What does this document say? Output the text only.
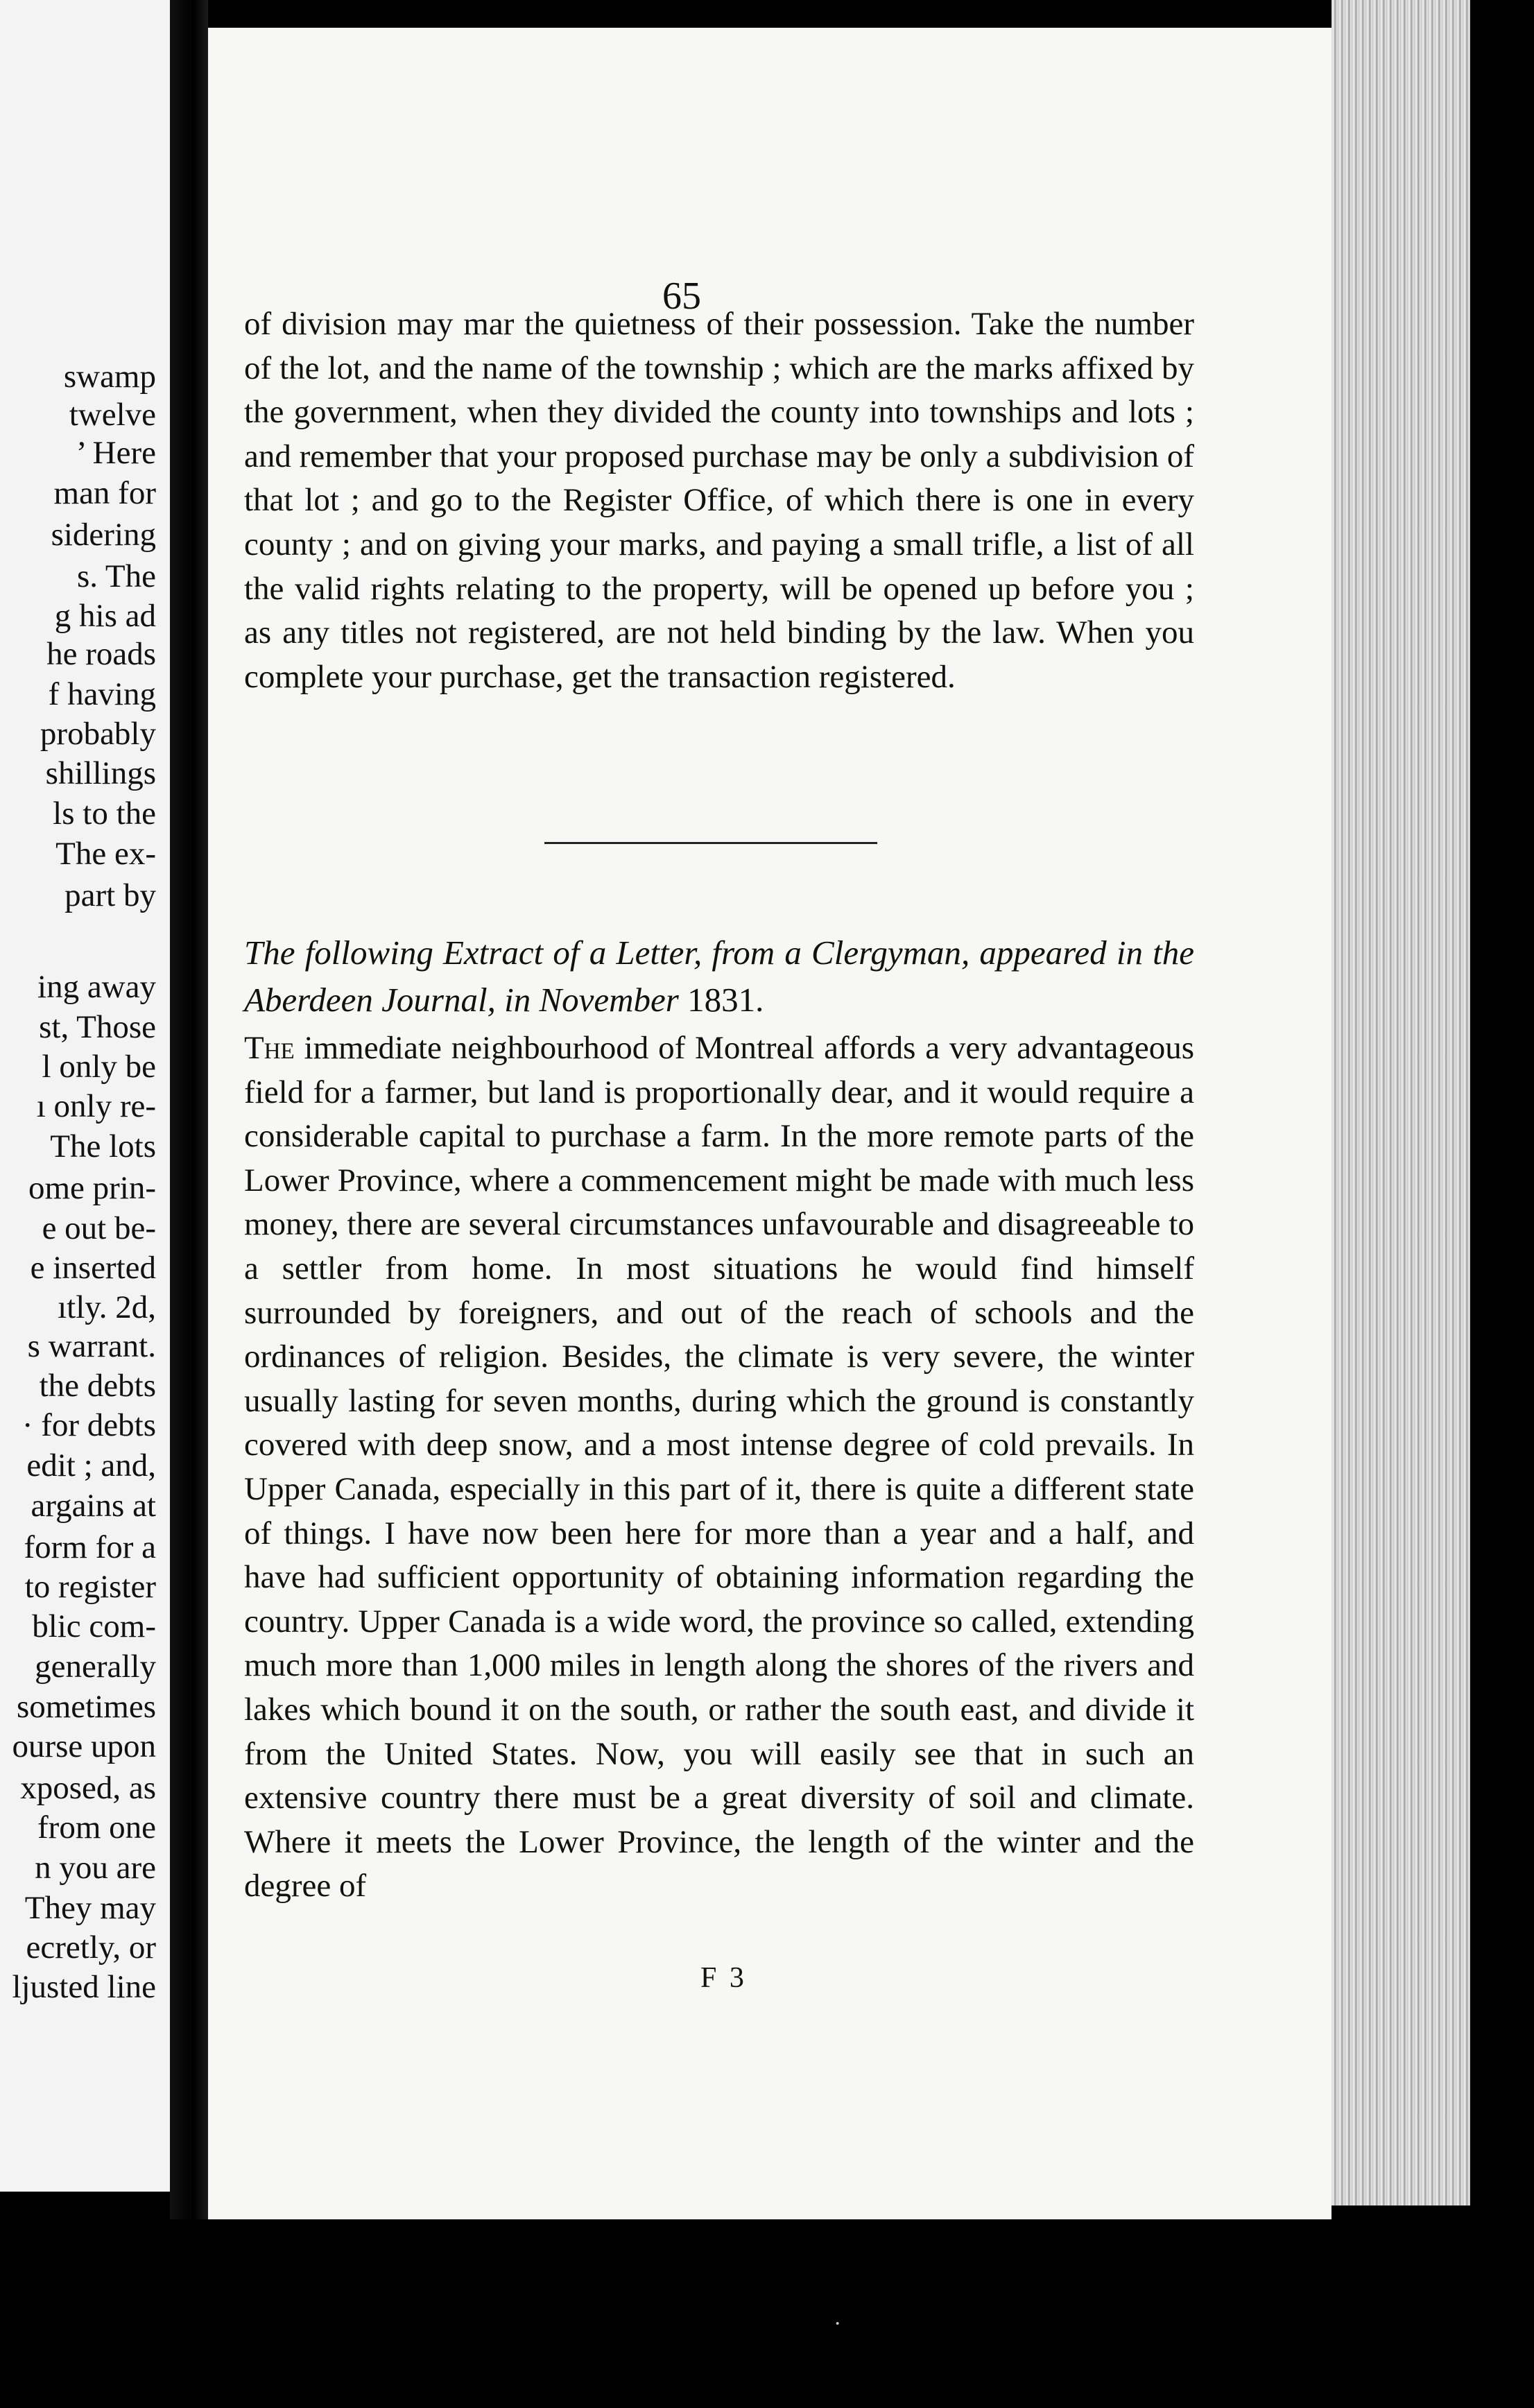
swamp
twelve
’ Here
man for
sidering
s. The
g his ad
he roads
f having
probably
shillings
ls to the
The ex-
part by
ing away
st, Those
l only be
ı only re-
The lots
ome prin-
e out be-
e inserted
ıtly. 2d,
s warrant.
the debts
· for debts
edit ; and,
argains at
form for a
to register
blic com-
generally
sometimes
ourse upon
xposed, as
from one
n you are
They may
ecretly, or
ljusted line
65

of division may mar the quietness of their possession. Take the number of the lot, and the name of the township ; which are the marks affixed by the government, when they divided the county into townships and lots ; and remember that your proposed purchase may be only a subdivision of that lot ; and go to the Register Office, of which there is one in every county ; and on giving your marks, and paying a small trifle, a list of all the valid rights relating to the property, will be opened up before you ; as any titles not registered, are not held binding by the law. When you complete your purchase, get the transaction registered.

The following Extract of a Letter, from a Clergyman, appeared in the Aberdeen Journal, in November 1831.

The immediate neighbourhood of Montreal affords a very advantageous field for a farmer, but land is proportionally dear, and it would require a considerable capital to purchase a farm. In the more remote parts of the Lower Province, where a commencement might be made with much less money, there are several circumstances unfavourable and disagreeable to a settler from home. In most situations he would find himself surrounded by foreigners, and out of the reach of schools and the ordinances of religion. Besides, the climate is very severe, the winter usually lasting for seven months, during which the ground is constantly covered with deep snow, and a most intense degree of cold prevails. In Upper Canada, especially in this part of it, there is quite a different state of things. I have now been here for more than a year and a half, and have had sufficient opportunity of obtaining information regarding the country. Upper Canada is a wide word, the province so called, extending much more than 1,000 miles in length along the shores of the rivers and lakes which bound it on the south, or rather the south east, and divide it from the United States. Now, you will easily see that in such an extensive country there must be a great diversity of soil and climate. Where it meets the Lower Province, the length of the winter and the degree of

F 3
·
